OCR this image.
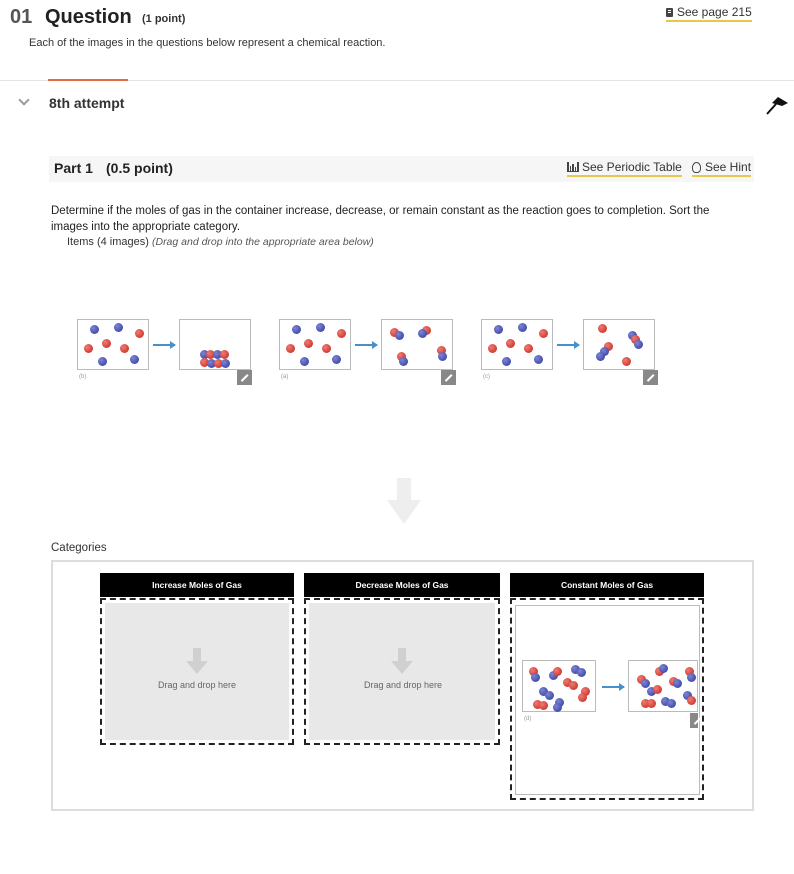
01 Question (1 point)	See page 215
Each of the images in the questions below represent a chemical reaction.
8th attempt
Part 1 (0.5 point)	See Periodic Table See Hint
Determine if the moles of gas in the container increase, decrease, or remain constant as the reaction goes to completion. Sort the images into the appropriate category.
Items (4 images) (Drag and drop into the appropriate area below)
(b)	(a)	(c)
Categories
Increase Moles of Gas
Drag and drop here
Decrease Moles of Gas
Drag and drop here
Constant Moles of Gas
(d)
